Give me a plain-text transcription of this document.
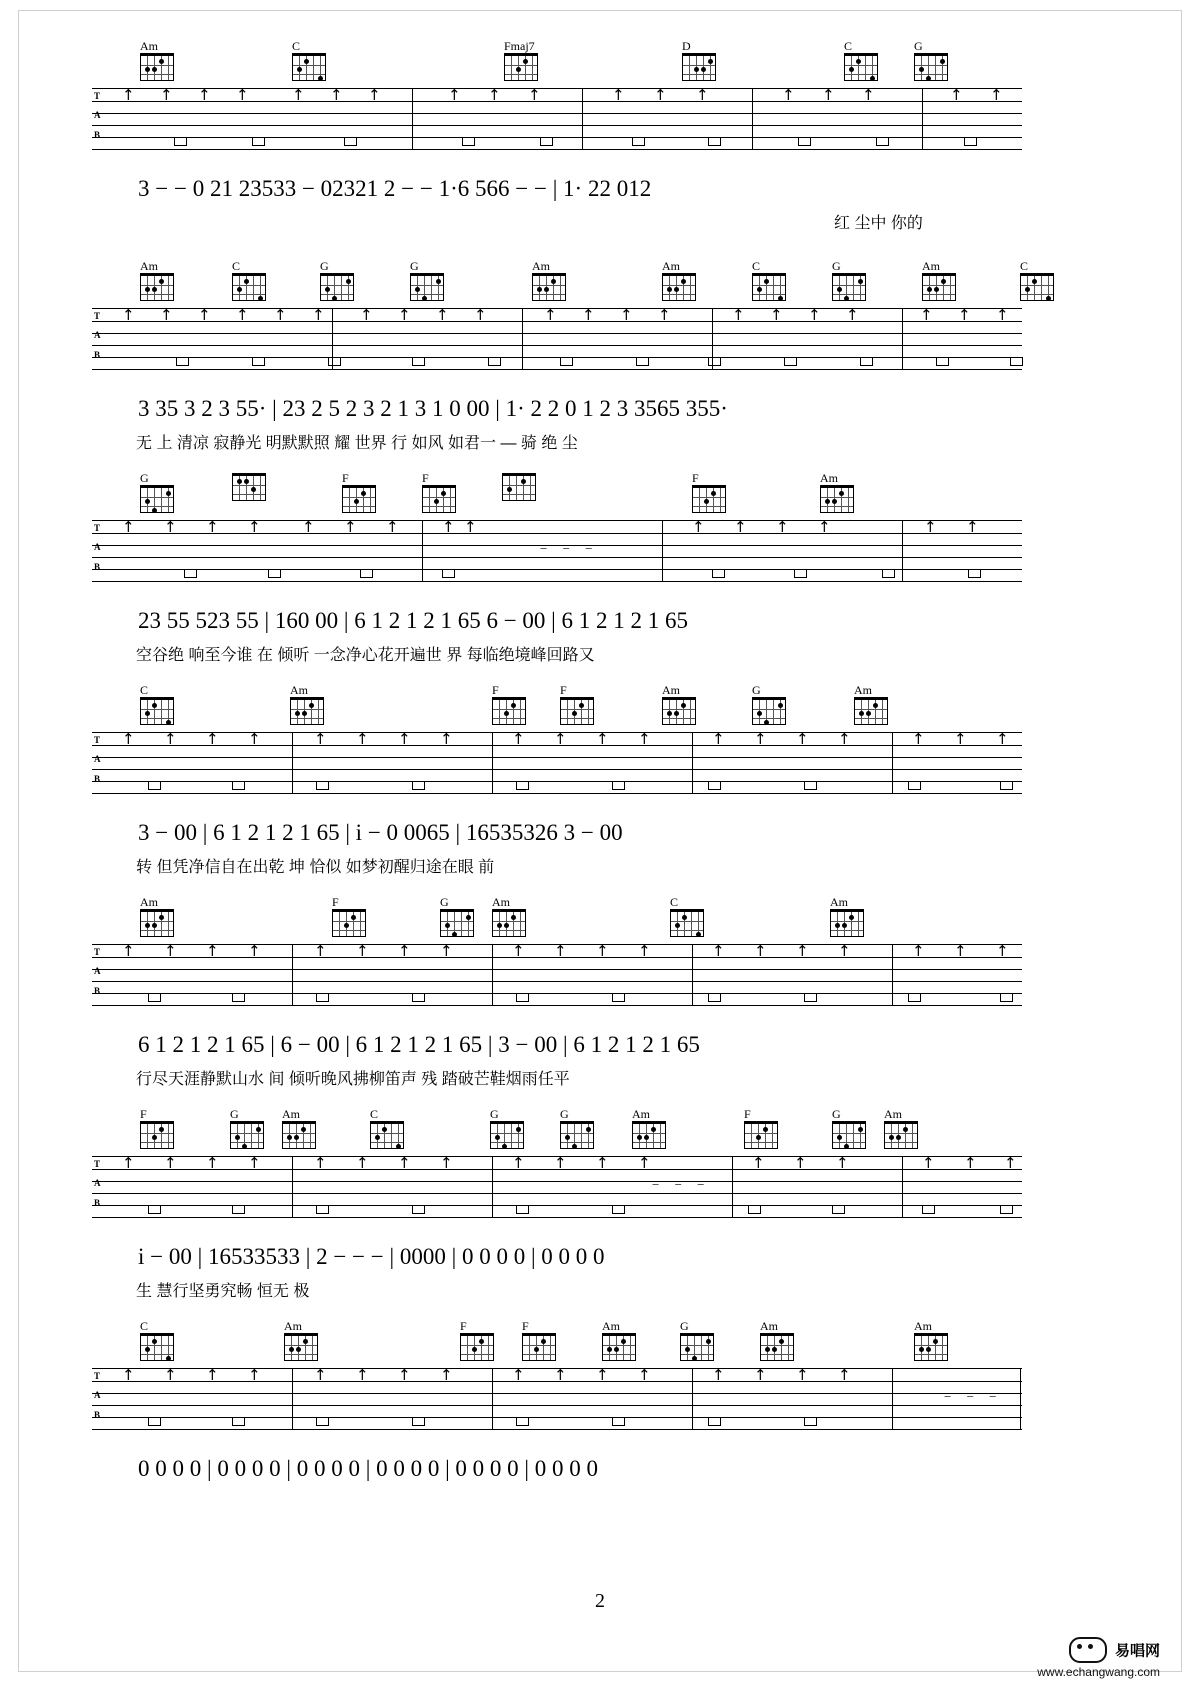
Am	C	Fmaj7	D	C	G
T
A
B
↑ ↑ ↑ ↑	↑ ↑ ↑	↑ ↑ ↑	↑ ↑ ↑	↑ ↑ ↑	↑ ↑
3 − − 0 21 23533 − 02321 2 − − 1·6 566 − − | 1· 22 012
红 尘中 你的
Am	C	G	G	Am	Am	C	G	Am	C
T
A
B
↑ ↑ ↑ ↑ ↑ ↑ ↑ ↑ ↑ ↑	↑ ↑ ↑ ↑	↑ ↑ ↑ ↑	↑ ↑ ↑
3 35 3 2 3 55· | 23 2 5 2 3 2 1 3 1 0 00 | 1· 2 2 0 1 2 3 3565 355·
无 上 清凉 寂静光 明默默照 耀 世界 行 如风 如君一 — 骑 绝 尘
G	F	F	F	Am
T
A
B
↑ ↑ ↑ ↑	↑ ↑ ↑	↑ ↑	↑ ↑ ↑ ↑	↑ ↑
− − −
23 55 523 55 | 160 00 | 6 1 2 1 2 1 65 6 − 00 | 6 1 2 1 2 1 65
空谷绝 响至今谁 在 倾听 一念净心花开遍世 界 每临绝境峰回路又
C	Am	F	F	Am	G	Am
T
A
B
↑ ↑ ↑ ↑	↑ ↑ ↑ ↑	↑ ↑ ↑ ↑	↑ ↑ ↑ ↑	↑ ↑ ↑
3 − 00 | 6 1 2 1 2 1 65 | i − 0 0065 | 16535326 3 − 00
转 但凭净信自在出乾 坤 恰似 如梦初醒归途在眼 前
Am	F	G	Am	C	Am
T
A
B
↑ ↑ ↑ ↑	↑ ↑ ↑ ↑	↑ ↑ ↑ ↑	↑ ↑ ↑ ↑	↑ ↑ ↑
6 1 2 1 2 1 65 | 6 − 00 | 6 1 2 1 2 1 65 | 3 − 00 | 6 1 2 1 2 1 65
行尽天涯静默山水 间 倾听晚风拂柳笛声 残 踏破芒鞋烟雨任平
F	G	Am	C	G	G	Am	F	G	Am
T
A
B
↑ ↑ ↑ ↑	↑ ↑ ↑ ↑	↑ ↑ ↑ ↑	↑ ↑ ↑	↑ ↑ ↑
− − −
i − 00 | 16533533 | 2 − − − | 0000 | 0 0 0 0 | 0 0 0 0
生 慧行坚勇究畅 恒无 极
C	Am	F	F	Am	G	Am	Am
T
A
B
↑ ↑ ↑ ↑	↑ ↑ ↑ ↑	↑ ↑ ↑ ↑	↑ ↑ ↑ ↑
− − −
0 0 0 0 | 0 0 0 0 | 0 0 0 0 | 0 0 0 0 | 0 0 0 0 | 0 0 0 0
2
易唱网
www.echangwang.com
